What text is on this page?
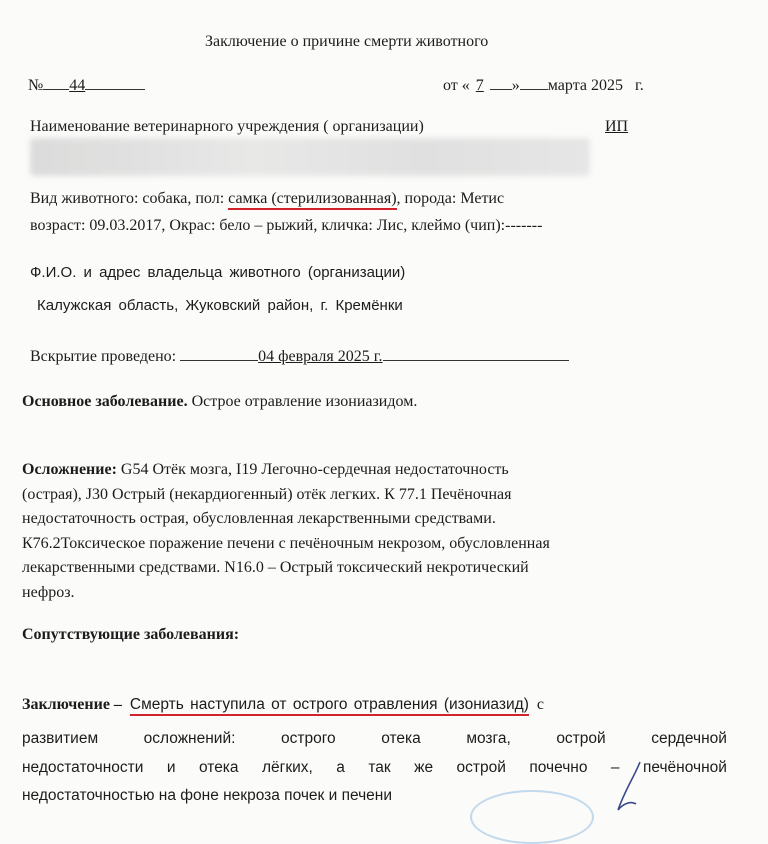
Заключение о причине смерти животного
№ 44	от « 7 » марта 2025 г.
Наименование ветеринарного учреждения ( организации)	ИП
Вид животного: собака, пол: самка (стерилизованная), порода: Метис
возраст: 09.03.2017, Окрас: бело – рыжий, кличка: Лис, клеймо (чип):-------
Ф.И.О. и адрес владельца животного (организации)
Калужская область, Жуковский район, г. Кремёнки
Вскрытие проведено:	04 февраля 2025 г.
Основное заболевание. Острое отравление изониазидом.
Осложнение: G54 Отёк мозга, I19 Легочно-сердечная недостаточность
(острая), J30 Острый (некардиогенный) отёк легких. К 77.1 Печёночная
недостаточность острая, обусловленная лекарственными средствами.
К76.2Токсическое поражение печени с печёночным некрозом, обусловленная
лекарственными средствами. N16.0 – Острый токсический некротический
нефроз.
Сопутствующие заболевания:
Заключение – Смерть наступила от острого отравления (изониазид) с
развитием	осложнений:	острого	отека	мозга,	острой	сердечной
недостаточности и отека лёгких, а так же острой почечно – печёночной
недостаточностью на фоне некроза почек и печени
